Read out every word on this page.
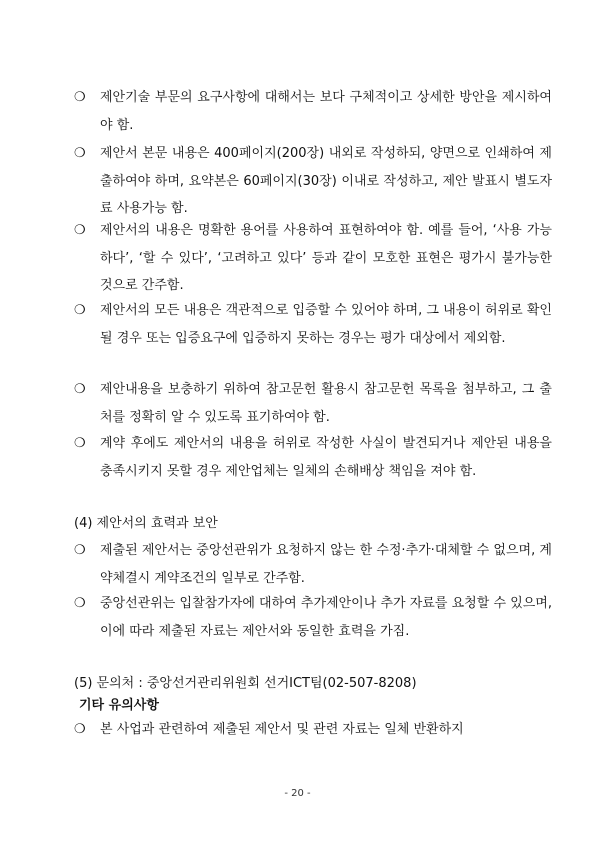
❍	제안기술 부문의 요구사항에 대해서는 보다 구체적이고 상세한 방안을 제시하여야 함.
❍	제안서 본문 내용은 400페이지(200장) 내외로 작성하되, 양면으로 인쇄하여 제출하여야 하며, 요약본은 60페이지(30장) 이내로 작성하고, 제안 발표시 별도자료 사용가능 함.
❍	제안서의 내용은 명확한 용어를 사용하여 표현하여야 함. 예를 들어, ‘사용 가능하다’, ‘할 수 있다’, ‘고려하고 있다’ 등과 같이 모호한 표현은 평가시 불가능한 것으로 간주함.
❍	제안서의 모든 내용은 객관적으로 입증할 수 있어야 하며, 그 내용이 허위로 확인될 경우 또는 입증요구에 입증하지 못하는 경우는 평가 대상에서 제외함.
❍	제안내용을 보충하기 위하여 참고문헌 활용시 참고문헌 목록을 첨부하고, 그 출처를 정확히 알 수 있도록 표기하여야 함.
❍	계약 후에도 제안서의 내용을 허위로 작성한 사실이 발견되거나 제안된 내용을 충족시키지 못할 경우 제안업체는 일체의 손해배상 책임을 져야 함.
(4) 제안서의 효력과 보안
❍	제출된 제안서는 중앙선관위가 요청하지 않는 한 수정·추가·대체할 수 없으며, 계약체결시 계약조건의 일부로 간주함.
❍	중앙선관위는 입찰참가자에 대하여 추가제안이나 추가 자료를 요청할 수 있으며, 이에 따라 제출된 자료는 제안서와 동일한 효력을 가짐.
(5) 문의처 : 중앙선거관리위원회 선거ICT팀(02-507-8208)
기타 유의사항
❍	본 사업과 관련하여 제출된 제안서 및 관련 자료는 일체 반환하지
- 20 -
